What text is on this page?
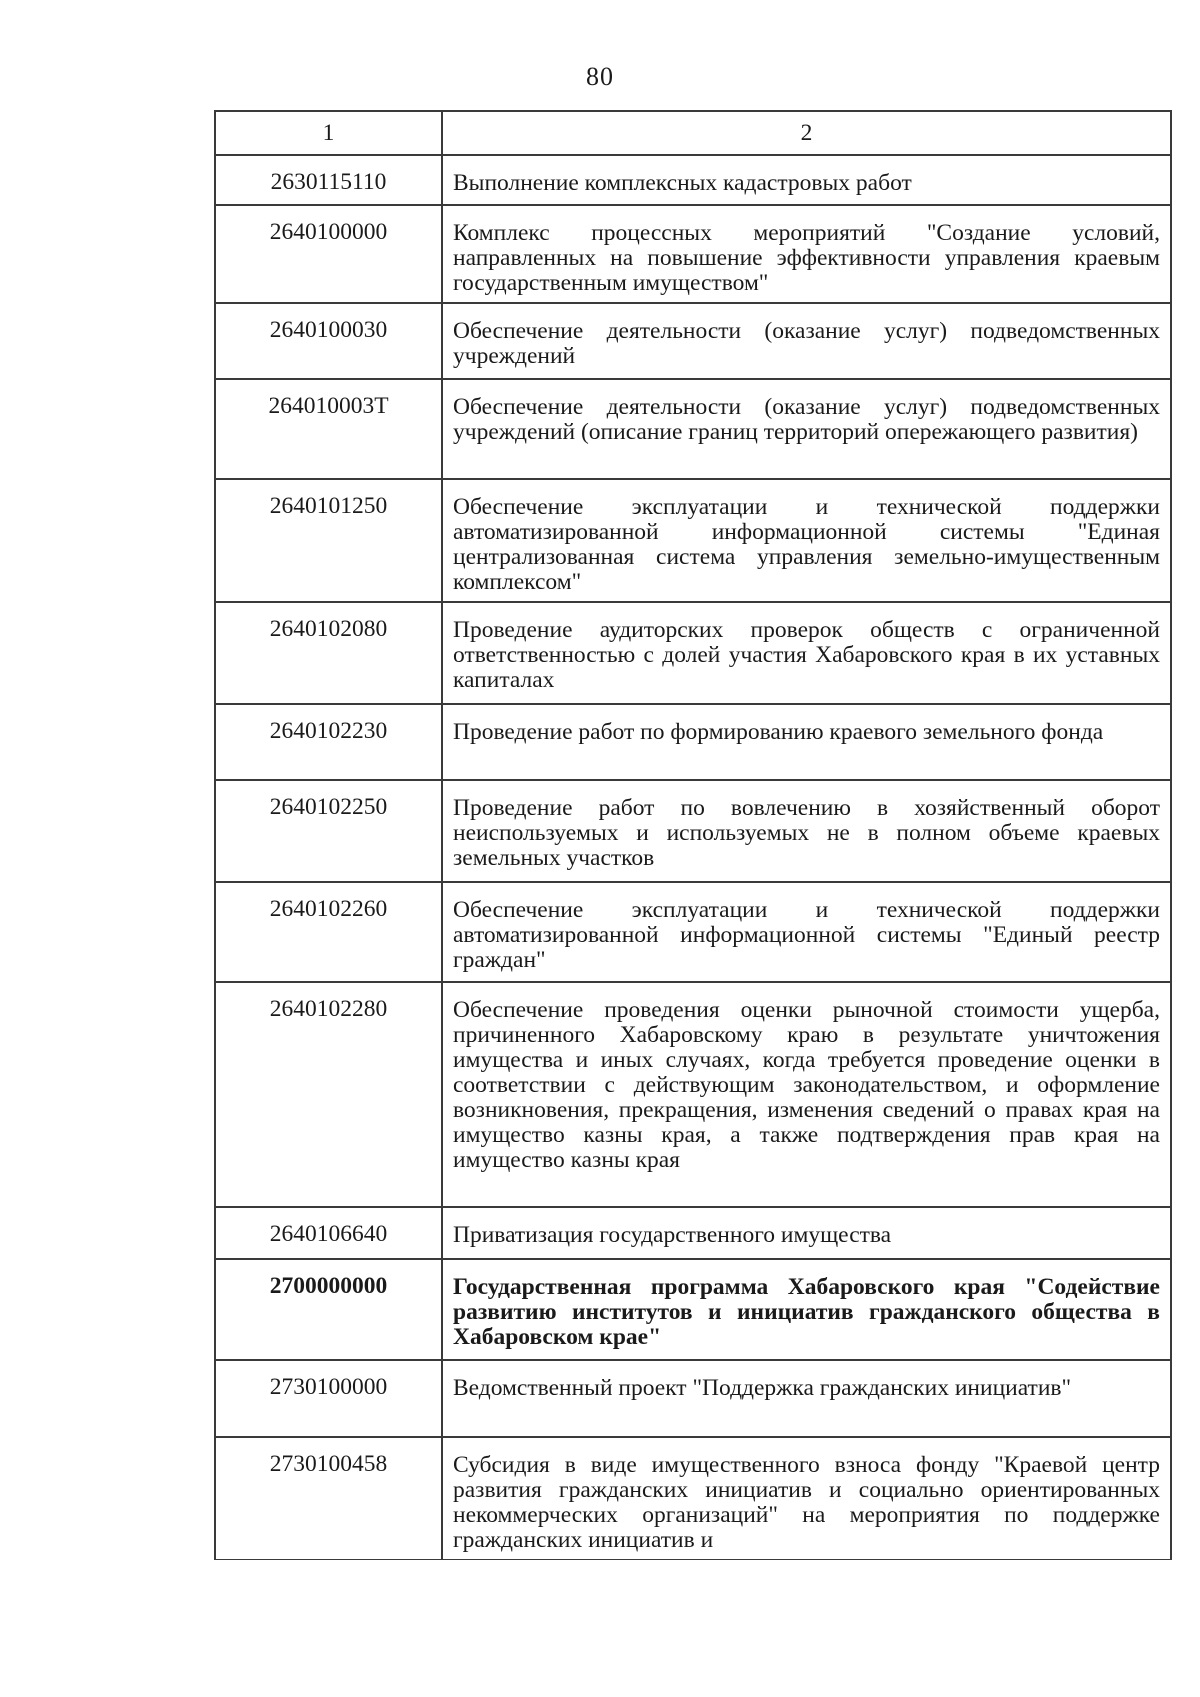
80
1	2
2630115110	Выполнение комплексных кадастровых работ
2640100000	Комплекс процессных мероприятий "Создание условий, направленных на повышение эффективности управления краевым государственным имуществом"
2640100030	Обеспечение деятельности (оказание услуг) подведомственных учреждений
264010003Т	Обеспечение деятельности (оказание услуг) подведомственных учреждений (описание границ территорий опережающего развития)
2640101250	Обеспечение эксплуатации и технической поддержки автоматизированной информационной системы "Единая централизованная система управления земельно-имущественным комплексом"
2640102080	Проведение аудиторских проверок обществ с ограниченной ответственностью с долей участия Хабаровского края в их уставных капиталах
2640102230	Проведение работ по формированию краевого земельного фонда
2640102250	Проведение работ по вовлечению в хозяйственный оборот неиспользуемых и используемых не в полном объеме краевых земельных участков
2640102260	Обеспечение эксплуатации и технической поддержки автоматизированной информационной системы "Единый реестр граждан"
2640102280	Обеспечение проведения оценки рыночной стоимости ущерба, причиненного Хабаровскому краю в результате уничтожения имущества и иных случаях, когда требуется проведение оценки в соответствии с действующим законодательством, и оформление возникновения, прекращения, изменения сведений о правах края на имущество казны края, а также подтверждения прав края на имущество казны края
2640106640	Приватизация государственного имущества
2700000000	Государственная программа Хабаровского края "Содействие развитию институтов и инициатив гражданского общества в Хабаровском крае"
2730100000	Ведомственный проект "Поддержка гражданских инициатив"
2730100458	Субсидия в виде имущественного взноса фонду "Краевой центр развития гражданских инициатив и социально ориентированных некоммерческих организаций" на мероприятия по поддержке гражданских инициатив и
